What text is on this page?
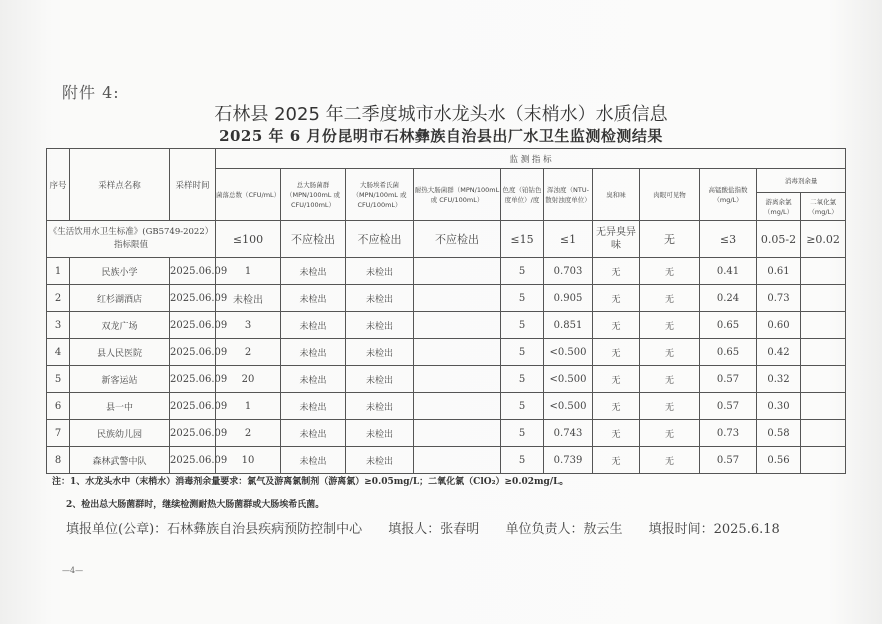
附件 4:
石林县 2025 年二季度城市水龙头水（末梢水）水质信息
2025 年 6 月份昆明市石林彝族自治县出厂水卫生监测检测结果
序号	采样点名称	采样时间	监 测 指 标										
			菌落总数（CFU/mL）	总大肠菌群（MPN/100mL 或 CFU/100mL）	大肠埃希氏菌（MPN/100mL 或 CFU/100mL）	耐热大肠菌群（MPN/100mL 或 CFU/100mL）	色度（铂钴色度单位）/度	浑浊度（NTU-散射浊度单位）	臭和味	肉眼可见物	高锰酸盐指数（mg/L）	消毒剂余量	
												游离余氯（mg/L）	二氧化氯（mg/L）
《生活饮用水卫生标准》(GB5749-2022）指标限值			≤100	不应检出	不应检出	不应检出	≤15	≤1	无异臭异味	无	≤3	0.05-2	≥0.02
1	民族小学	2025.06.09	1	未检出	未检出		5	0.703	无	无	0.41	0.61	
2	红杉湖酒店	2025.06.09	未检出	未检出	未检出		5	0.905	无	无	0.24	0.73	
3	双龙广场	2025.06.09	3	未检出	未检出		5	0.851	无	无	0.65	0.60	
4	县人民医院	2025.06.09	2	未检出	未检出		5	<0.500	无	无	0.65	0.42	
5	新客运站	2025.06.09	20	未检出	未检出		5	<0.500	无	无	0.57	0.32	
6	县一中	2025.06.09	1	未检出	未检出		5	<0.500	无	无	0.57	0.30	
7	民族幼儿园	2025.06.09	2	未检出	未检出		5	0.743	无	无	0.73	0.58	
8	森林武警中队	2025.06.09	10	未检出	未检出		5	0.739	无	无	0.57	0.56	
注：1、水龙头水中（末梢水）消毒剂余量要求：氯气及游离氯制剂（游离氯）≥0.05mg/L；二氧化氯（ClO₂）≥0.02mg/L。
2、检出总大肠菌群时，继续检测耐热大肠菌群或大肠埃希氏菌。
填报单位(公章)：石林彝族自治县疾病预防控制中心 填报人：张春明 单位负责人：敖云生 填报时间：2025.6.18
—4—
